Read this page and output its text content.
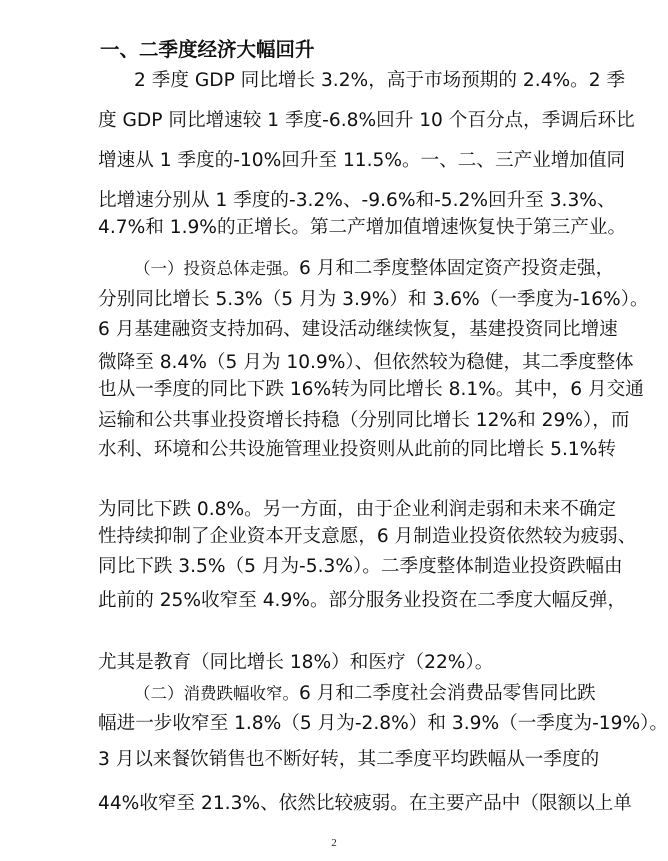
一、二季度经济大幅回升
2 季度 GDP 同比增长 3.2%，高于市场预期的 2.4%。2 季
度 GDP 同比增速较 1 季度-6.8%回升 10 个百分点，季调后环比
增速从 1 季度的-10%回升至 11.5%。一、二、三产业增加值同
比增速分别从 1 季度的-3.2%、-9.6%和-5.2%回升至 3.3%、
4.7%和 1.9%的正增长。第二产增加值增速恢复快于第三产业。
（一）投资总体走强。6 月和二季度整体固定资产投资走强，
分别同比增长 5.3%（5 月为 3.9%）和 3.6%（一季度为-16%）。
6 月基建融资支持加码、建设活动继续恢复，基建投资同比增速
微降至 8.4%（5 月为 10.9%）、但依然较为稳健，其二季度整体
也从一季度的同比下跌 16%转为同比增长 8.1%。其中，6 月交通
运输和公共事业投资增长持稳（分别同比增长 12%和 29%），而
水利、环境和公共设施管理业投资则从此前的同比增长 5.1%转
为同比下跌 0.8%。另一方面，由于企业利润走弱和未来不确定
性持续抑制了企业资本开支意愿，6 月制造业投资依然较为疲弱、
同比下跌 3.5%（5 月为-5.3%）。二季度整体制造业投资跌幅由
此前的 25%收窄至 4.9%。部分服务业投资在二季度大幅反弹，
尤其是教育（同比增长 18%）和医疗（22%）。
（二）消费跌幅收窄。6 月和二季度社会消费品零售同比跌
幅进一步收窄至 1.8%（5 月为-2.8%）和 3.9%（一季度为-19%）。
3 月以来餐饮销售也不断好转，其二季度平均跌幅从一季度的
44%收窄至 21.3%、依然比较疲弱。在主要产品中（限额以上单
2
